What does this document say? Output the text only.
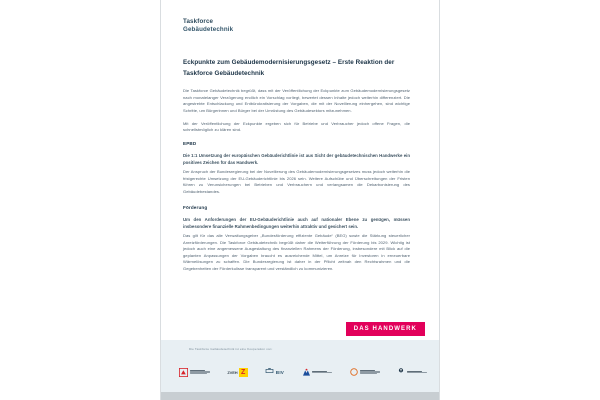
Taskforce
Gebäudetechnik
Eckpunkte zum Gebäudemodernisierungsgesetz – Erste Reaktion der Taskforce Gebäudetechnik

Die Taskforce Gebäudetechnik begrüßt, dass mit der Veröffentlichung der Eckpunkte zum Gebäudemodernisierungsgesetz nach monatelanger Verzögerung endlich ein Vorschlag vorliegt, bewertet dessen Inhalte jedoch weiterhin differenziert. Die angestrebte Entschlackung und Entbürokratisierung der Vorgaben, die mit der Novellierung einhergehen, sind wichtige Schritte, um Bürgerinnen und Bürger bei der Umrüstung des Gebäudesektors mitzunehmen.

Mit der Veröffentlichung der Eckpunkte ergeben sich für Betriebe und Verbraucher jedoch offene Fragen, die schnellstmöglich zu klären sind.

EPBD

Die 1:1 Umsetzung der europäischen Gebäuderichtlinie ist aus Sicht der gebäudetechnischen Handwerke ein positives Zeichen für das Handwerk.

Der Anspruch der Bundesregierung bei der Novellierung des Gebäudemodernisierungsgesetzes muss jedoch weiterhin die fristgerechte Umsetzung der EU-Gebäuderichtlinie bis 2026 sein. Weitere Aufschübe und Überschreitungen der Fristen führen zu Verunsicherungen bei Betrieben und Verbrauchern und verlangsamen die Dekarbonisierung des Gebäudebestandes.

Förderung

Um den Anforderungen der EU-Gebäuderichtlinie auch auf nationaler Ebene zu genügen, müssen insbesondere finanzielle Rahmenbedingungen weiterhin attraktiv und gesichert sein.

Das gilt für das alle Verwaltungsgeber „Bundesförderung effiziente Gebäude“ (BEG) sowie die Stärkung steuerlicher Anreizförderungen. Die Taskforce Gebäudetechnik begrüßt daher die Weiterführung der Förderung bis 2029. Wichtig ist jedoch auch eine angemessene Ausgestaltung des finanziellen Rahmens der Förderung, insbesondere mit Blick auf die geplanten Anpassungen der Vorgaben braucht es ausreichende Mittel, um Anreize für Investoren in erneuerbare Wärmelösungen zu schaffen. Die Bundesregierung ist daher in der Pflicht zeitnah den Rechtsrahmen und die Gegebenheiten der Förderkulisse transparent und verständlich zu kommunizieren.

DAS HANDWERK
Die Taskforce Gebäudetechnik ist eine Kooperation von:
ZVEH Z	BIV
